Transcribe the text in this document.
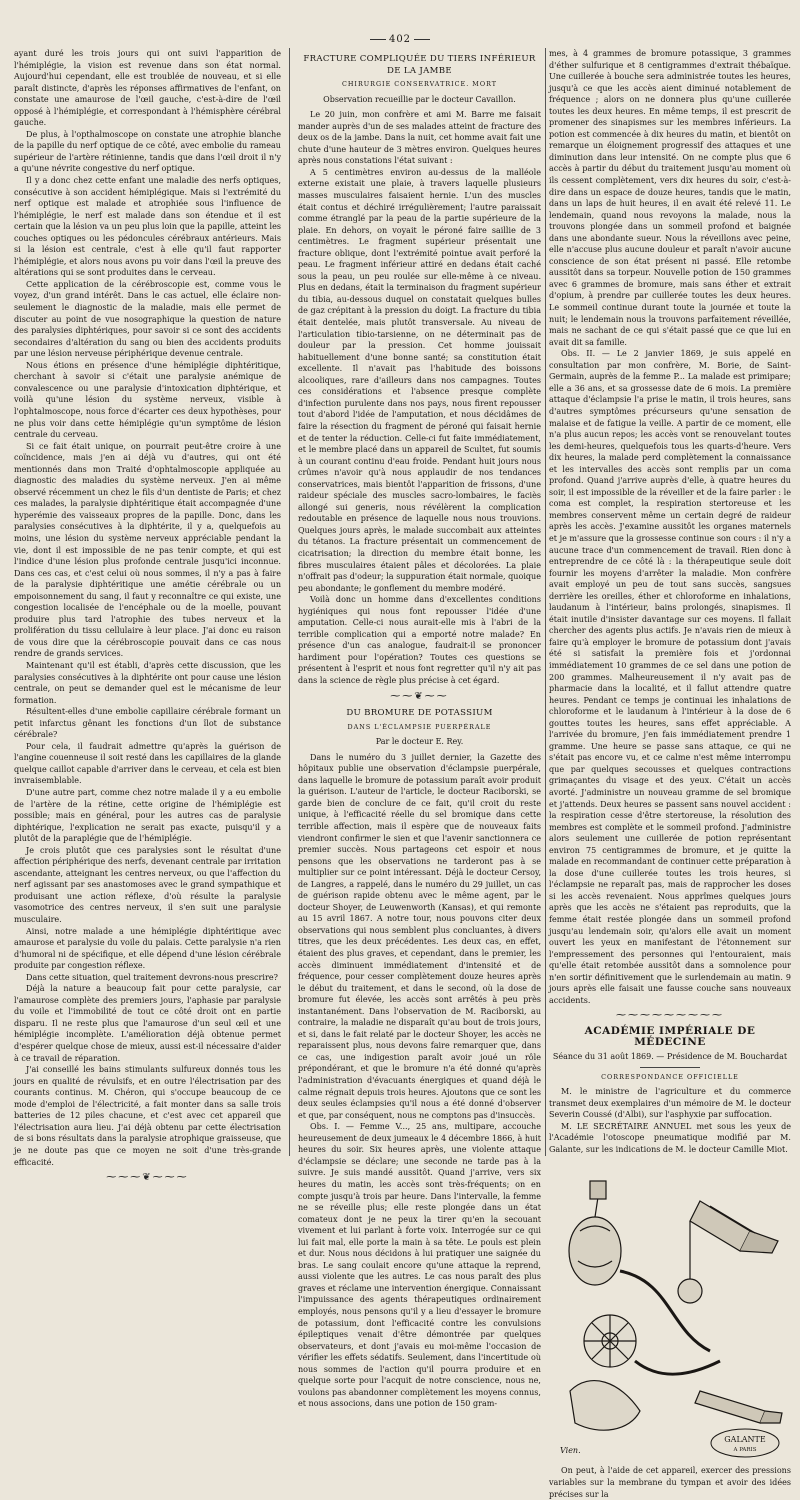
402

ayant duré les trois jours qui ont suivi l'apparition de l'hémiplégie, la vision est revenue dans son état normal. Aujourd'hui cependant, elle est troublée de nouveau, et si elle paraît distincte, d'après les réponses affirmatives de l'enfant, on constate une amaurose de l'œil gauche, c'est-à-dire de l'œil opposé à l'hémiplégie, et correspondant à l'hémisphère cérébral gauche.

De plus, à l'opthalmoscope on constate une atrophie blanche de la papille du nerf optique de ce côté, avec embolie du rameau supérieur de l'artère rétinienne, tandis que dans l'œil droit il n'y a qu'une névrite congestive du nerf optique.

Il y a donc chez cette enfant une maladie des nerfs optiques, consécutive à son accident hémiplégique. Mais si l'extrémité du nerf optique est malade et atrophiée sous l'influence de l'hémiplégie, le nerf est malade dans son étendue et il est certain que la lésion va un peu plus loin que la papille, atteint les couches optiques ou les pédoncules cérébraux antérieurs. Mais si la lésion est centrale, c'est à elle qu'il faut rapporter l'hémiplégie, et alors nous avons pu voir dans l'œil la preuve des altérations qui se sont produites dans le cerveau.

Cette application de la cérébroscopie est, comme vous le voyez, d'un grand intérêt. Dans le cas actuel, elle éclaire non-seulement le diagnostic de la maladie, mais elle permet de discuter au point de vue nosographique la question de nature des paralysies diphtériques, pour savoir si ce sont des accidents secondaires d'altération du sang ou bien des accidents produits par une lésion nerveuse périphérique devenue centrale.

Nous étions en présence d'une hémiplégie diphtéritique, cherchant à savoir si c'était une paralysie anémique de convalescence ou une paralysie d'intoxication diphtérique, et voilà qu'une lésion du système nerveux, visible à l'ophtalmoscope, nous force d'écarter ces deux hypothèses, pour ne plus voir dans cette hémiplégie qu'un symptôme de lésion centrale du cerveau.

Si ce fait était unique, on pourrait peut-être croire à une coïncidence, mais j'en ai déjà vu d'autres, qui ont été mentionnés dans mon Traité d'ophtalmoscopie appliquée au diagnostic des maladies du système nerveux. J'en ai même observé récemment un chez le fils d'un dentiste de Paris; et chez ces malades, la paralysie diphtéritique était accompagnée d'une hyperémie des vaisseaux propres de la papille. Donc, dans les paralysies consécutives à la diphtérite, il y a, quelquefois au moins, une lésion du système nerveux appréciable pendant la vie, dont il est impossible de ne pas tenir compte, et qui est l'indice d'une lésion plus profonde centrale jusqu'ici inconnue. Dans ces cas, et c'est celui où nous sommes, il n'y a pas à faire de la paralysie diphtéritique une amétie cérébrale ou un empoisonnement du sang, il faut y reconnaître ce qui existe, une congestion localisée de l'encéphale ou de la moelle, pouvant produire plus tard l'atrophie des tubes nerveux et la prolifération du tissu cellulaire à leur place. J'ai donc eu raison de vous dire que la cérébroscopie pouvait dans ce cas nous rendre de grands services.

Maintenant qu'il est établi, d'après cette discussion, que les paralysies consécutives à la diphtérite ont pour cause une lésion centrale, on peut se demander quel est le mécanisme de leur formation.

Résultent-elles d'une embolie capillaire cérébrale formant un petit infarctus gênant les fonctions d'un îlot de substance cérébrale?

Pour cela, il faudrait admettre qu'après la guérison de l'angine couenneuse il soit resté dans les capillaires de la glande quelque caillot capable d'arriver dans le cerveau, et cela est bien invraisemblable.

D'une autre part, comme chez notre malade il y a eu embolie de l'artère de la rétine, cette origine de l'hémiplégie est possible; mais en général, pour les autres cas de paralysie diphtérique, l'explication ne serait pas exacte, puisqu'il y a plutôt de la paraplégie que de l'hémiplégie.

Je crois plutôt que ces paralysies sont le résultat d'une affection périphérique des nerfs, devenant centrale par irritation ascendante, atteignant les centres nerveux, ou que l'affection du nerf agissant par ses anastomoses avec le grand sympathique et produisant une action réflexe, d'où résulte la paralysie vasomotrice des centres nerveux, il s'en suit une paralysie musculaire.

Ainsi, notre malade a une hémiplégie diphtéritique avec amaurose et paralysie du voile du palais. Cette paralysie n'a rien d'humoral ni de spécifique, et elle dépend d'une lésion cérébrale produite par congestion réflexe.

Dans cette situation, quel traitement devrons-nous prescrire?

Déjà la nature a beaucoup fait pour cette paralysie, car l'amaurose complète des premiers jours, l'aphasie par paralysie du voile et l'immobilité de tout ce côté droit ont en partie disparu. Il ne reste plus que l'amaurose d'un seul œil et une hémiplégie incomplète. L'amélioration déjà obtenue permet d'espérer quelque chose de mieux, aussi est-il nécessaire d'aider à ce travail de réparation.

J'ai conseillé les bains stimulants sulfureux donnés tous les jours en qualité de révulsifs, et en outre l'électrisation par des courants continus. M. Chéron, qui s'occupe beaucoup de ce mode d'emploi de l'électricité, a fait monter dans sa salle trois batteries de 12 piles chacune, et c'est avec cet appareil que l'électrisation aura lieu. J'ai déjà obtenu par cette électrisation de si bons résultats dans la paralysie atrophique graisseuse, que je ne doute pas que ce moyen ne soit d'une très-grande efficacité.

⁓⁓⁓❦⁓⁓⁓
FRACTURE COMPLIQUÉE DU TIERS INFÉRIEUR DE LA JAMBE
CHIRURGIE CONSERVATRICE. MORT
Observation recueillie par le docteur Cavaillon.

Le 20 juin, mon confrère et ami M. Barre me faisait mander auprès d'un de ses malades atteint de fracture des deux os de la jambe. Dans la nuit, cet homme avait fait une chute d'une hauteur de 3 mètres environ. Quelques heures après nous constations l'état suivant :

A 5 centimètres environ au-dessus de la malléole externe existait une plaie, à travers laquelle plusieurs masses musculaires faisaient hernie. L'un des muscles était contus et déchiré irrégulièrement; l'autre paraissait comme étranglé par la peau de la partie supérieure de la plaie. En dehors, on voyait le péroné faire saillie de 3 centimètres. Le fragment supérieur présentait une fracture oblique, dont l'extrémité pointue avait perforé la peau. Le fragment inférieur attiré en dedans était caché sous la peau, un peu roulée sur elle-même à ce niveau. Plus en dedans, était la terminaison du fragment supérieur du tibia, au-dessous duquel on constatait quelques bulles de gaz crépitant à la pression du doigt. La fracture du tibia était dentelée, mais plutôt transversale. Au niveau de l'articulation tibio-tarsienne, on ne déterminait pas de douleur par la pression. Cet homme jouissait habituellement d'une bonne santé; sa constitution était excellente. Il n'avait pas l'habitude des boissons alcooliques, rare d'ailleurs dans nos campagnes. Toutes ces considérations et l'absence presque complète d'infection purulente dans nos pays, nous firent repousser tout d'abord l'idée de l'amputation, et nous décidâmes de faire la résection du fragment de péroné qui faisait hernie et de tenter la réduction. Celle-ci fut faite immédiatement, et le membre placé dans un appareil de Scultet, fut soumis à un courant continu d'eau froide. Pendant huit jours nous crûmes n'avoir qu'à nous applaudir de nos tendances conservatrices, mais bientôt l'apparition de frissons, d'une raideur spéciale des muscles sacro-lombaires, le faciès allongé sui generis, nous révélèrent la complication redoutable en présence de laquelle nous nous trouvions. Quelques jours après, le malade succombait aux atteintes du tétanos. La fracture présentait un commencement de cicatrisation; la direction du membre était bonne, les fibres musculaires étaient pâles et décolorées. La plaie n'offrait pas d'odeur; la suppuration était normale, quoique peu abondante; le gonflement du membre modéré.

Voilà donc un homme dans d'excellentes conditions hygiéniques qui nous font repousser l'idée d'une amputation. Celle-ci nous aurait-elle mis à l'abri de la terrible complication qui a emporté notre malade? En présence d'un cas analogue, faudrait-il se prononcer hardiment pour l'opération? Toutes ces questions se présentent à l'esprit et nous font regretter qu'il n'y ait pas dans la science de règle plus précise à cet égard.

⁓⁓❦⁓⁓
DU BROMURE DE POTASSIUM
DANS L'ÉCLAMPSIE PUERPÉRALE
Par le docteur E. Rey.

Dans le numéro du 3 juillet dernier, la Gazette des hôpitaux publie une observation d'éclampsie puerpérale, dans laquelle le bromure de potassium paraît avoir produit la guérison. L'auteur de l'article, le docteur Raciborski, se garde bien de conclure de ce fait, qu'il croit du reste unique, à l'efficacité réelle du sel bromique dans cette terrible affection, mais il espère que de nouveaux faits viendront confirmer le sien et que l'avenir sanctionnera ce premier succès. Nous partageons cet espoir et nous pensons que les observations ne tarderont pas à se multiplier sur ce point intéressant. Déjà le docteur Cersoy, de Langres, a rappelé, dans le numéro du 29 juillet, un cas de guérison rapide obtenu avec le même agent, par le docteur Shoyer, de Leuwenworth (Kansas), et qui remonte au 15 avril 1867. A notre tour, nous pouvons citer deux observations qui nous semblent plus concluantes, à divers titres, que les deux précédentes. Les deux cas, en effet, étaient des plus graves, et cependant, dans le premier, les accès diminuent immédiatement d'intensité et de fréquence, pour cesser complètement douze heures après le début du traitement, et dans le second, où la dose de bromure fut élevée, les accès sont arrêtés à peu près instantanément. Dans l'observation de M. Raciborski, au contraire, la maladie ne disparaît qu'au bout de trois jours, et si, dans le fait relaté par le docteur Shoyer, les accès ne reparaissent plus, nous devons faire remarquer que, dans ce cas, une indigestion paraît avoir joué un rôle prépondérant, et que le bromure n'a été donné qu'après l'administration d'évacuants énergiques et quand déjà le calme régnait depuis trois heures. Ajoutons que ce sont les deux seules éclampsies qu'il nous a été donné d'observer et que, par conséquent, nous ne comptons pas d'insuccès.

Obs. I. — Femme V..., 25 ans, multipare, accouche heureusement de deux jumeaux le 4 décembre 1866, à huit heures du soir. Six heures après, une violente attaque d'éclampsie se déclare; une seconde ne tarde pas à la suivre. Je suis mandé aussitôt. Quand j'arrive, vers six heures du matin, les accès sont très-fréquents; on en compte jusqu'à trois par heure. Dans l'intervalle, la femme ne se réveille plus; elle reste plongée dans un état comateux dont je ne peux la tirer qu'en la secouant vivement et lui parlant à forte voix. Interrogée sur ce qui lui fait mal, elle porte la main à sa tête. Le pouls est plein et dur. Nous nous décidons à lui pratiquer une saignée du bras. Le sang coulait encore qu'une attaque la reprend, aussi violente que les autres. Le cas nous paraît des plus graves et réclame une intervention énergique. Connaissant l'impuissance des agents thérapeutiques ordinairement employés, nous pensons qu'il y a lieu d'essayer le bromure de potassium, dont l'efficacité contre les convulsions épileptiques venait d'être démontrée par quelques observateurs, et dont j'avais eu moi-même l'occasion de vérifier les effets sédatifs. Seulement, dans l'incertitude où nous sommes de l'action qu'il pourra produire et en quelque sorte pour l'acquit de notre conscience, nous ne, voulons pas abandonner complètement les moyens connus, et nous associons, dans une potion de 150 gram-

mes, à 4 grammes de bromure potassique, 3 grammes d'éther sulfurique et 8 centigrammes d'extrait thébaïque. Une cuillerée à bouche sera administrée toutes les heures, jusqu'à ce que les accès aient diminué notablement de fréquence ; alors on ne donnera plus qu'une cuillerée toutes les deux heures. En même temps, il est prescrit de promener des sinapismes sur les membres inférieurs. La potion est commencée à dix heures du matin, et bientôt on remarque un éloignement progressif des attaques et une diminution dans leur intensité. On ne compte plus que 6 accès à partir du début du traitement jusqu'au moment où ils cessent complètement, vers dix heures du soir, c'est-à-dire dans un espace de douze heures, tandis que le matin, dans un laps de huit heures, il en avait été relevé 11. Le lendemain, quand nous revoyons la malade, nous la trouvons plongée dans un sommeil profond et baignée dans une abondante sueur. Nous la réveillons avec peine, elle n'accuse plus aucune douleur et paraît n'avoir aucune conscience de son état présent ni passé. Elle retombe aussitôt dans sa torpeur. Nouvelle potion de 150 grammes avec 6 grammes de bromure, mais sans éther et extrait d'opium, à prendre par cuillerée toutes les deux heures. Le sommeil continue durant toute la journée et toute la nuit; le lendemain nous la trouvons parfaitement réveillée, mais ne sachant de ce qui s'était passé que ce que lui en avait dit sa famille.

Obs. II. — Le 2 janvier 1869, je suis appelé en consultation par mon confrère, M. Borie, de Saint-Germain, auprès de la femme P... La malade est primipare; elle a 36 ans, et sa grossesse date de 6 mois. La première attaque d'éclampsie l'a prise le matin, il trois heures, sans d'autres symptômes précurseurs qu'une sensation de malaise et de fatigue la veille. A partir de ce moment, elle n'a plus aucun repos; les accès vont se renouvelant toutes les demi-heures, quelquefois tous les quarts-d'heure. Vers dix heures, la malade perd complètement la connaissance et les intervalles des accès sont remplis par un coma profond. Quand j'arrive auprès d'elle, à quatre heures du soir, il est impossible de la réveiller et de la faire parler : le coma est complet, la respiration stertoreuse et les membres conservent même un certain degré de raideur après les accès. J'examine aussitôt les organes maternels et je m'assure que la grossesse continue son cours : il n'y a aucune trace d'un commencement de travail. Rien donc à entreprendre de ce côté là : la thérapeutique seule doit fournir les moyens d'arrêter la maladie. Mon confrère avait employé un peu de tout sans succès, sangsues derrière les oreilles, éther et chloroforme en inhalations, laudanum à l'intérieur, bains prolongés, sinapismes. Il était inutile d'insister davantage sur ces moyens. Il fallait chercher des agents plus actifs. Je n'avais rien de mieux à faire qu'à employer le bromure de potassium dont j'avais été si satisfait la première fois et j'ordonnai immédiatement 10 grammes de ce sel dans une potion de 200 grammes. Malheureusement il n'y avait pas de pharmacie dans la localité, et il fallut attendre quatre heures. Pendant ce temps je continuai les inhalations de chloroforme et le laudanum à l'intérieur à la dose de 6 gouttes toutes les heures, sans effet appréciable. A l'arrivée du bromure, j'en fais immédiatement prendre 1 gramme. Une heure se passe sans attaque, ce qui ne s'était pas encore vu, et ce calme n'est même interrompu que par quelques secousses et quelques contractions grimaçantes du visage et des yeux. C'était un accès avorté. J'administre un nouveau gramme de sel bromique et j'attends. Deux heures se passent sans nouvel accident : la respiration cesse d'être stertoreuse, la résolution des membres est complète et le sommeil profond. J'administre alors seulement une cuillerée de potion représentant environ 75 centigrammes de bromure, et je quitte la malade en recommandant de continuer cette préparation à la dose d'une cuillerée toutes les trois heures, si l'éclampsie ne reparaît pas, mais de rapprocher les doses si les accès revenaient. Nous apprîmes quelques jours après que les accès ne s'étaient pas reproduits, que la femme était restée plongée dans un sommeil profond jusqu'au lendemain soir, qu'alors elle avait un moment ouvert les yeux en manifestant de l'étonnement sur l'empressement des personnes qui l'entouraient, mais qu'elle était retombée aussitôt dans a somnolence pour n'en sortir définitivement que le surlendemain au matin. 9 jours après elle faisait une fausse couche sans nouveaux accidents.

⁓⁓⁓⁓⁓⁓⁓⁓⁓
ACADÉMIE IMPÉRIALE DE MÉDECINE
Séance du 31 août 1869. — Présidence de M. Bouchardat
CORRESPONDANCE OFFICIELLE

M. le ministre de l'agriculture et du commerce transmet deux exemplaires d'un mémoire de M. le docteur Severin Coussé (d'Albi), sur l'asphyxie par suffocation.

M. LE SECRÉTAIRE ANNUEL met sous les yeux de l'Académie l'otoscope pneumatique modifié par M. Galante, sur les indications de M. le docteur Camille Miot.

Vien.
GALANTE
A PARIS

On peut, à l'aide de cet appareil, exercer des pressions variables sur la membrane du tympan et avoir des idées précises sur la
